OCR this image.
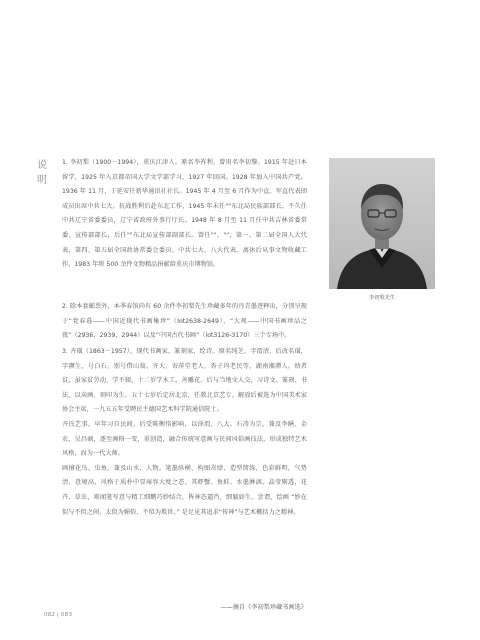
说明

1. 李初梨（1900－1994），重庆江津人。原名李祚利，曾用名李初黎。1915 年赴日本留学，1925 年入京都帝国大学文学部学习，1927 年回国。1928 年加入中国共产党。1936 年 11 月，于延安任新华通讯社社长。1945 年 4 月至 6 月作为中直、军直代表团成员出席中共七大。抗战胜利后赴东北工作，1945 年末任""东北局民族部部长。不久任中共辽宁省委委员，辽宁省政府外事行厅长。1948 年 8 月至 11 月任中共吉林省委常委、宣传部部长，后任""东北局宣传部副部长。曾任""，""，第一、第二届全国人大代表，第四、第五届全国政协常委会委员。中共七大、八大代表。离休后从事文物收藏工作，1983 年将 500 余件文物精品捐献给重庆市博物馆。

2. 除本套邮票外，本季春馆尚有 60 余件李初梨先生珍藏多年的丹青墨迹释出，分别呈现于“党春暮——中国近现代书画集珍”（lot2638-2649）、“大观——中国书画珍品之夜”（2936，2939，2944）以及“中国古代书画”（lot3126-3170）三个专场中。

3. 齐璜（1863－1957），现代书画家，篆刻家，绘诗。原名纯芝，字渭清，后改名璜，字濒生，号白石，别号借山翁、齐大、寄萍堂老人、杏子坞老民等，湖南湘潭人。幼者贫，虽家贫劳动，学不辍，十二岁学木工，善雕花。后与当地文人交，习诗文、篆刻、书法，以卖画、刻印为生。五十七岁后定居北京，任教北京艺专。解放后被选为中国美术家协会主席，一九五五年受聘民主德国艺术科学院通信院士。

齐氏艺事，早年习自民间，后受陈衡恪影响，以徐渭、八大、石涛为宗，兼及李鳝、金农、吴昌硕，逐至画格一变，重创造，融合传统写意画与民间风俗画技法，形成独特艺术风格，而为一代大师。

画擅花鸟、虫鱼，兼及山水、人物。笔墨纵横，构图奇肆，造型简练，色彩鲜明，气势清，意境高，风格于质朴中显雍容大度之态。其虾蟹、鱼蛙、水墨淋漓，晶莹剔透，花卉、草虫，则闻笔写意与精工细鹏巧妙结合，皆神态逼肖，细腻如生。尝谓，绘画 “妙在似与不似之间，太似为媚俗，不似为欺世。” 是足见其追求“传神”与艺术概括力之精神。

——摘自《李初梨珍藏书画选》
李初梨先生
082 | 083
